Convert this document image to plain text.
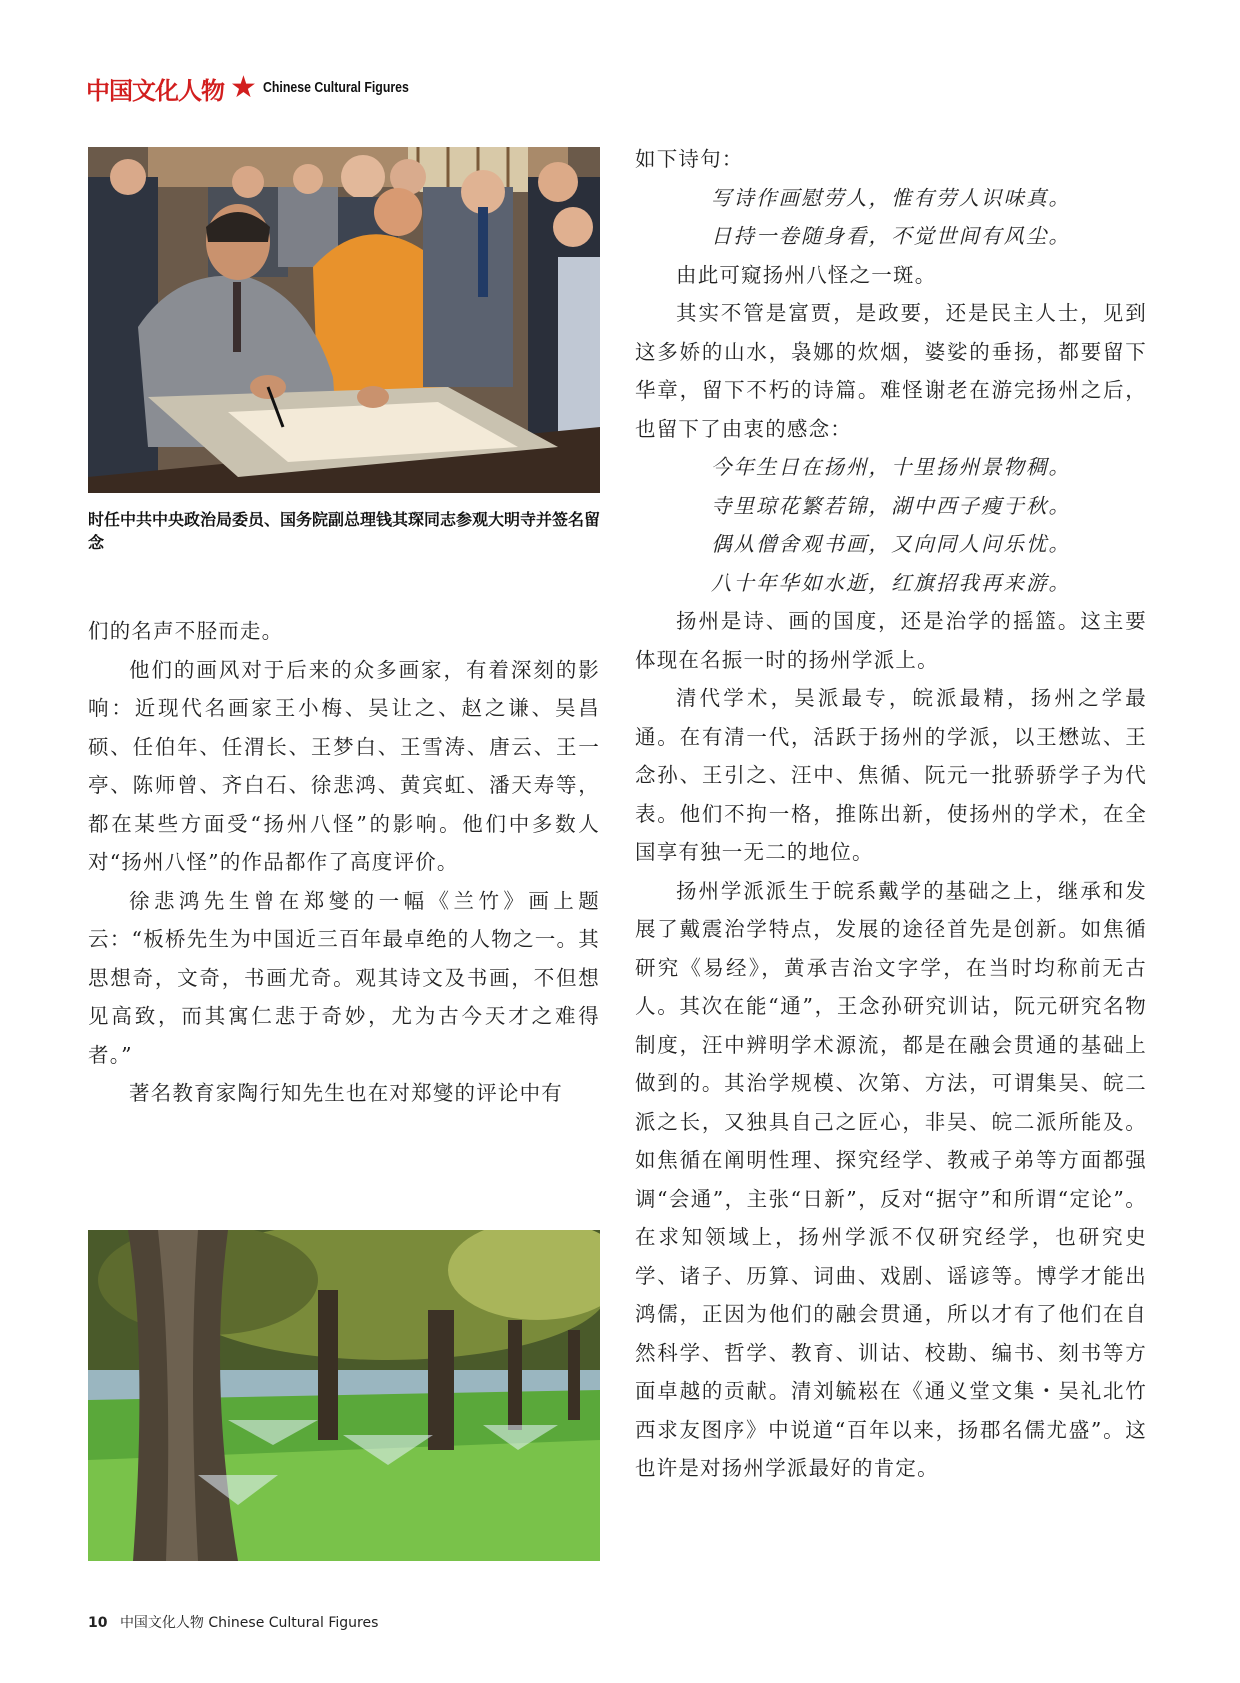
中国文化人物 ★ Chinese Cultural Figures
时任中共中央政治局委员、国务院副总理钱其琛同志参观大明寺并签名留念

们的名声不胫而走。

他们的画风对于后来的众多画家，有着深刻的影响：近现代名画家王小梅、吴让之、赵之谦、吴昌硕、任伯年、任渭长、王梦白、王雪涛、唐云、王一亭、陈师曾、齐白石、徐悲鸿、黄宾虹、潘天寿等，都在某些方面受“扬州八怪”的影响。他们中多数人对“扬州八怪”的作品都作了高度评价。

徐悲鸿先生曾在郑燮的一幅《兰竹》画上题云：“板桥先生为中国近三百年最卓绝的人物之一。其思想奇，文奇，书画尤奇。观其诗文及书画，不但想见高致，而其寓仁悲于奇妙，尤为古今天才之难得者。”

著名教育家陶行知先生也在对郑燮的评论中有

如下诗句：

写诗作画慰劳人，惟有劳人识味真。

日持一卷随身看，不觉世间有风尘。

由此可窥扬州八怪之一斑。

其实不管是富贾，是政要，还是民主人士，见到这多娇的山水，袅娜的炊烟，婆娑的垂扬，都要留下华章，留下不朽的诗篇。难怪谢老在游完扬州之后，也留下了由衷的感念：

今年生日在扬州，十里扬州景物稠。

寺里琼花繁若锦，湖中西子瘦于秋。

偶从僧舍观书画，又向同人问乐忧。

八十年华如水逝，红旗招我再来游。

扬州是诗、画的国度，还是治学的摇篮。这主要体现在名振一时的扬州学派上。

清代学术，吴派最专，皖派最精，扬州之学最通。在有清一代，活跃于扬州的学派，以王懋竑、王念孙、王引之、汪中、焦循、阮元一批骄骄学子为代表。他们不拘一格，推陈出新，使扬州的学术，在全国享有独一无二的地位。

扬州学派派生于皖系戴学的基础之上，继承和发展了戴震治学特点，发展的途径首先是创新。如焦循研究《易经》，黄承吉治文字学，在当时均称前无古人。其次在能“通”，王念孙研究训诂，阮元研究名物制度，汪中辨明学术源流，都是在融会贯通的基础上做到的。其治学规模、次第、方法，可谓集吴、皖二派之长，又独具自己之匠心，非吴、皖二派所能及。如焦循在阐明性理、探究经学、教戒子弟等方面都强调“会通”，主张“日新”，反对“据守”和所谓“定论”。在求知领域上，扬州学派不仅研究经学，也研究史学、诸子、历算、词曲、戏剧、谣谚等。博学才能出鸿儒，正因为他们的融会贯通，所以才有了他们在自然科学、哲学、教育、训诂、校勘、编书、刻书等方面卓越的贡献。清刘毓崧在《通义堂文集・吴礼北竹西求友图序》中说道“百年以来，扬郡名儒尤盛”。这也许是对扬州学派最好的肯定。

10 中国文化人物 Chinese Cultural Figures
